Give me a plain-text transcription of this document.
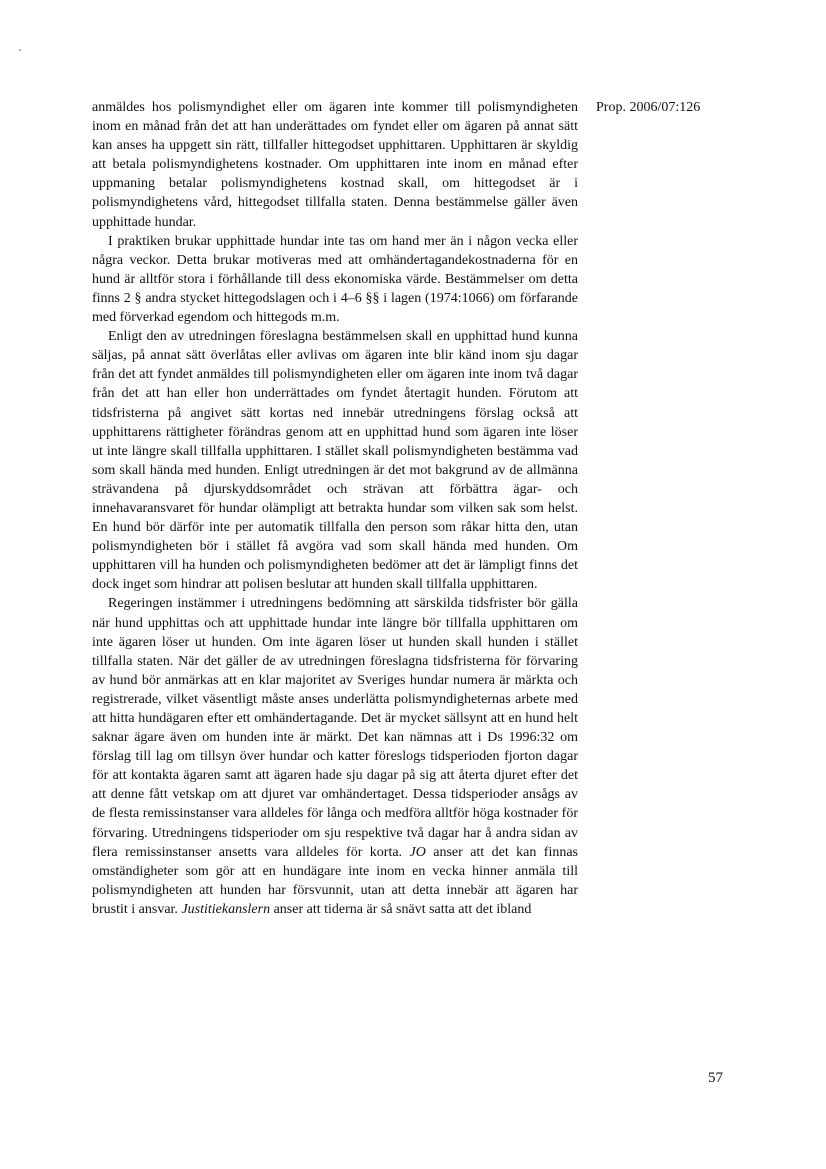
Prop. 2006/07:126

anmäldes hos polismyndighet eller om ägaren inte kommer till polismyndigheten inom en månad från det att han underättades om fyndet eller om ägaren på annat sätt kan anses ha uppgett sin rätt, tillfaller hittegodset upphittaren. Upphittaren är skyldig att betala polismyndighetens kostnader. Om upphittaren inte inom en månad efter uppmaning betalar polismyndighetens kostnad skall, om hittegodset är i polismyndighetens vård, hittegodset tillfalla staten. Denna bestämmelse gäller även upphittade hundar.

I praktiken brukar upphittade hundar inte tas om hand mer än i någon vecka eller några veckor. Detta brukar motiveras med att omhändertagandekostnaderna för en hund är alltför stora i förhållande till dess ekonomiska värde. Bestämmelser om detta finns 2 § andra stycket hittegodslagen och i 4–6 §§ i lagen (1974:1066) om förfarande med förverkad egendom och hittegods m.m.

Enligt den av utredningen föreslagna bestämmelsen skall en upphittad hund kunna säljas, på annat sätt överlåtas eller avlivas om ägaren inte blir känd inom sju dagar från det att fyndet anmäldes till polismyndigheten eller om ägaren inte inom två dagar från det att han eller hon underrättades om fyndet återtagit hunden. Förutom att tidsfristerna på angivet sätt kortas ned innebär utredningens förslag också att upphittarens rättigheter förändras genom att en upphittad hund som ägaren inte löser ut inte längre skall tillfalla upphittaren. I stället skall polismyndigheten bestämma vad som skall hända med hunden. Enligt utredningen är det mot bakgrund av de allmänna strävandena på djurskyddsområdet och strävan att förbättra ägar- och innehavaransvaret för hundar olämpligt att betrakta hundar som vilken sak som helst. En hund bör därför inte per automatik tillfalla den person som råkar hitta den, utan polismyndigheten bör i stället få avgöra vad som skall hända med hunden. Om upphittaren vill ha hunden och polismyndigheten bedömer att det är lämpligt finns det dock inget som hindrar att polisen beslutar att hunden skall tillfalla upphittaren.

Regeringen instämmer i utredningens bedömning att särskilda tidsfrister bör gälla när hund upphittas och att upphittade hundar inte längre bör tillfalla upphittaren om inte ägaren löser ut hunden. Om inte ägaren löser ut hunden skall hunden i stället tillfalla staten. När det gäller de av utredningen föreslagna tidsfristerna för förvaring av hund bör anmärkas att en klar majoritet av Sveriges hundar numera är märkta och registrerade, vilket väsentligt måste anses underlätta polismyndigheternas arbete med att hitta hundägaren efter ett omhändertagande. Det är mycket sällsynt att en hund helt saknar ägare även om hunden inte är märkt. Det kan nämnas att i Ds 1996:32 om förslag till lag om tillsyn över hundar och katter föreslogs tidsperioden fjorton dagar för att kontakta ägaren samt att ägaren hade sju dagar på sig att återta djuret efter det att denne fått vetskap om att djuret var omhändertaget. Dessa tidsperioder ansågs av de flesta remissinstanser vara alldeles för långa och medföra alltför höga kostnader för förvaring. Utredningens tidsperioder om sju respektive två dagar har å andra sidan av flera remissinstanser ansetts vara alldeles för korta. JO anser att det kan finnas omständigheter som gör att en hundägare inte inom en vecka hinner anmäla till polismyndigheten att hunden har försvunnit, utan att detta innebär att ägaren har brustit i ansvar. Justitiekanslern anser att tiderna är så snävt satta att det ibland

57
